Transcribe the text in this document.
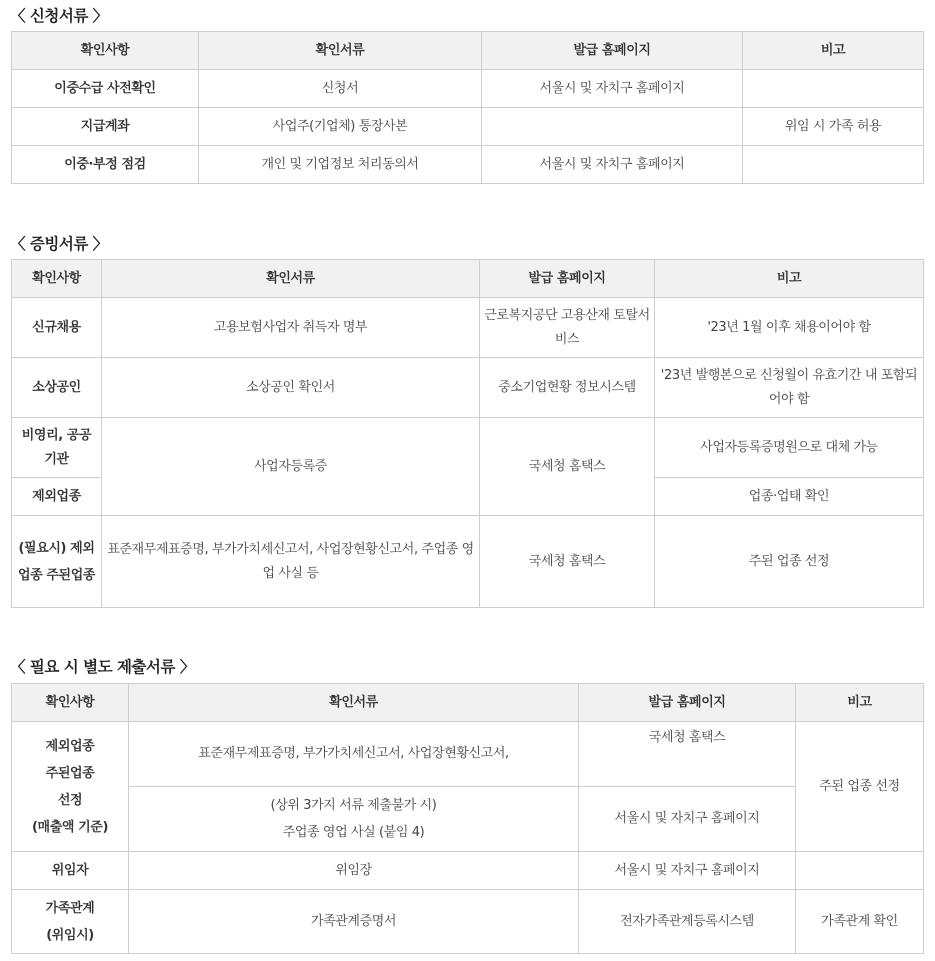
〈 신청서류 〉
확인사항	확인서류	발급 홈페이지	비고
이중수급 사전확인	신청서	서울시 및 자치구 홈페이지	
지급계좌	사업주(기업체) 통장사본		위임 시 가족 허용
이중·부정 점검	개인 및 기업정보 처리동의서	서울시 및 자치구 홈페이지	
〈 증빙서류 〉
확인사항	확인서류	발급 홈페이지	비고
신규채용	고용보험사업자 취득자 명부	근로복지공단 고용산재 토탈서비스	'23년 1월 이후 채용이어야 함
소상공인	소상공인 확인서	중소기업현황 정보시스템	'23년 발행본으로 신청월이 유효기간 내 포함되어야 함
비영리, 공공기관	사업자등록증	국세청 홈택스	사업자등록증명원으로 대체 가능
제외업종			업종·업태 확인
(필요시) 제외업종 주된업종	표준재무제표증명, 부가가치세신고서, 사업장현황신고서, 주업종 영업 사실 등	국세청 홈택스	주된 업종 선정
〈 필요 시 별도 제출서류 〉
확인사항	확인서류	발급 홈페이지	비고

제외업종
주된업종
선정
(매출액 기준)	표준재무제표증명, 부가가치세신고서, 사업장현황신고서,	국세청 홈택스	주된 업종 선정

	(상위 3가지 서류 제출불가 시)
주업종 영업 사실 (붙임 4)	서울시 및 자치구 홈페이지	
위임자	위임장	서울시 및 자치구 홈페이지	

가족관계
(위임시)	가족관계증명서	전자가족관계등록시스템	가족관계 확인
